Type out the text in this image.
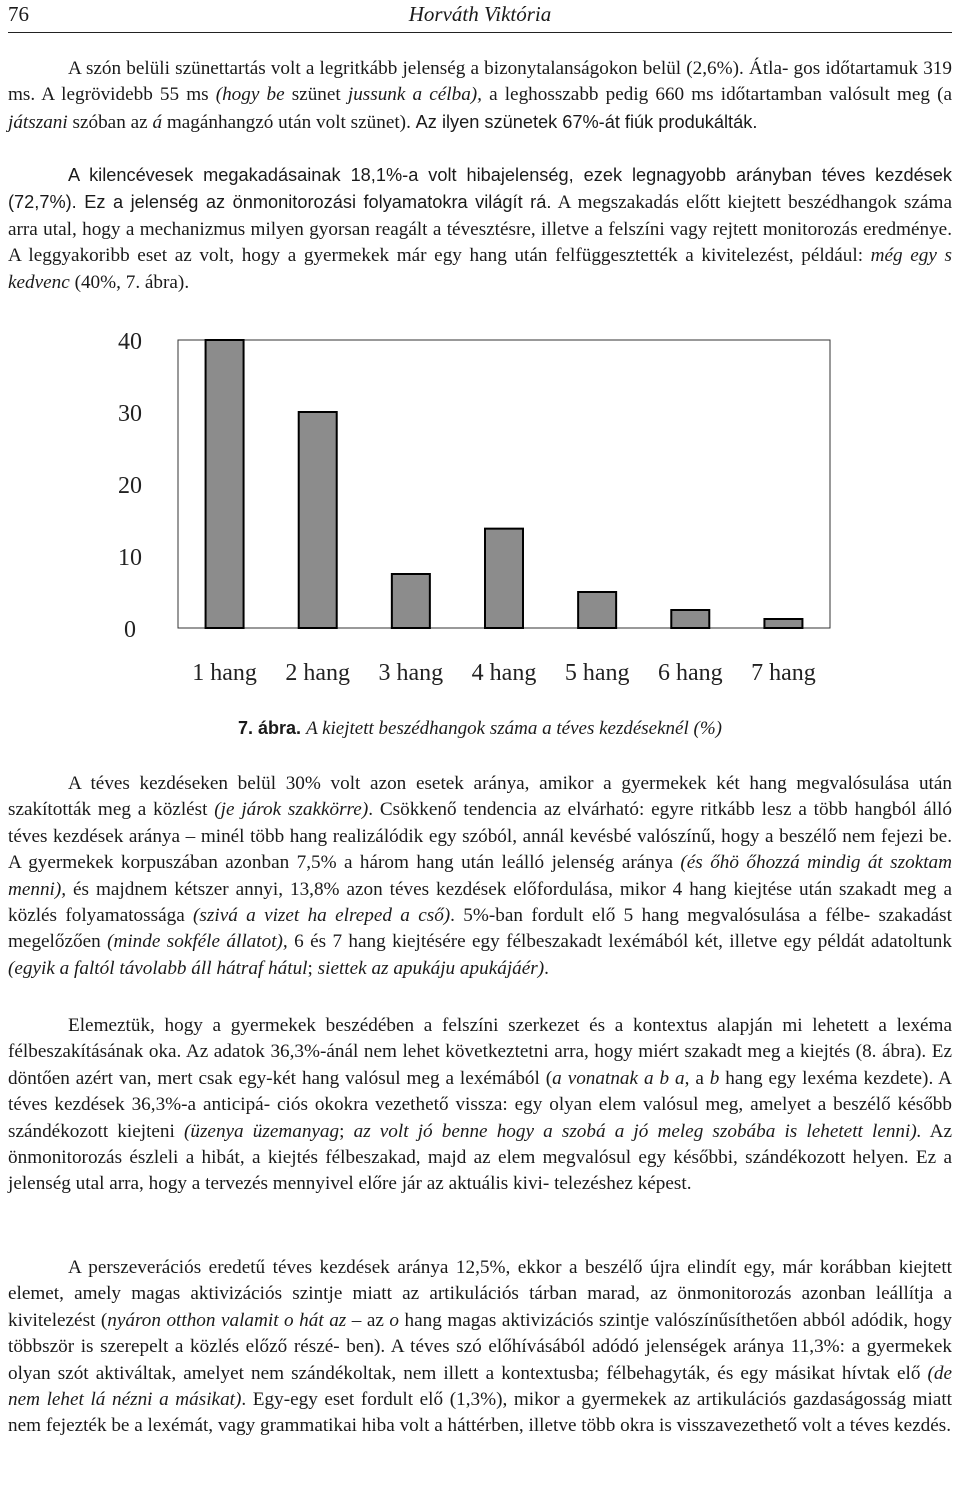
76	Horváth Viktória

A szón belüli szünettartás volt a legritkább jelenség a bizonytalanságokon belül (2,6%). Átla- gos időtartamuk 319 ms. A legrövidebb 55 ms (hogy be szünet jussunk a célba), a leghosszabb pedig 660 ms időtartamban valósult meg (a játszani szóban az á magánhangzó után volt szünet). Az ilyen szünetek 67%-át fiúk produkálták.

A kilencévesek megakadásainak 18,1%-a volt hibajelenség, ezek legnagyobb arányban téves kezdések (72,7%). Ez a jelenség az önmonitorozási folyamatokra világít rá. A megszakadás előtt kiejtett beszédhangok száma arra utal, hogy a mechanizmus milyen gyorsan reagált a tévesztésre, illetve a felszíni vagy rejtett monitorozás eredménye. A leggyakoribb eset az volt, hogy a gyermekek már egy hang után felfüggesztették a kivitelezést, például: még egy s kedvenc (40%, 7. ábra).

0
10
20
30
40
1 hang 2 hang 3 hang 4 hang 5 hang 6 hang 7 hang
7. ábra. A kiejtett beszédhangok száma a téves kezdéseknél (%)

A téves kezdéseken belül 30% volt azon esetek aránya, amikor a gyermekek két hang megvalósulása után szakították meg a közlést (je járok szakkörre). Csökkenő tendencia az elvárható: egyre ritkább lesz a több hangból álló téves kezdések aránya – minél több hang realizálódik egy szóból, annál kevésbé valószínű, hogy a beszélő nem fejezi be. A gyermekek korpuszában azonban 7,5% a három hang után leálló jelenség aránya (és őhö őhozzá mindig át szoktam menni), és majdnem kétszer annyi, 13,8% azon téves kezdések előfordulása, mikor 4 hang kiejtése után szakadt meg a közlés folyamatossága (szivá a vizet ha elreped a cső). 5%-ban fordult elő 5 hang megvalósulása a félbe- szakadást megelőzően (minde sokféle állatot), 6 és 7 hang kiejtésére egy félbeszakadt lexémából két, illetve egy példát adatoltunk (egyik a faltól távolabb áll hátraf hátul; siettek az apukáju apukájáér).

Elemeztük, hogy a gyermekek beszédében a felszíni szerkezet és a kontextus alapján mi lehetett a lexéma félbeszakításának oka. Az adatok 36,3%-ánál nem lehet következtetni arra, hogy miért szakadt meg a kiejtés (8. ábra). Ez döntően azért van, mert csak egy-két hang valósul meg a lexémából (a vonatnak a b a, a b hang egy lexéma kezdete). A téves kezdések 36,3%-a anticipá- ciós okokra vezethető vissza: egy olyan elem valósul meg, amelyet a beszélő később szándékozott kiejteni (üzenya üzemanyag; az volt jó benne hogy a szobá a jó meleg szobába is lehetett lenni). Az önmonitorozás észleli a hibát, a kiejtés félbeszakad, majd az elem megvalósul egy későbbi, szándékozott helyen. Ez a jelenség utal arra, hogy a tervezés mennyivel előre jár az aktuális kivi- telezéshez képest.

A perszeverációs eredetű téves kezdések aránya 12,5%, ekkor a beszélő újra elindít egy, már korábban kiejtett elemet, amely magas aktivizációs szintje miatt az artikulációs tárban marad, az önmonitorozás azonban leállítja a kivitelezést (nyáron otthon valamit o hát az – az o hang magas aktivizációs szintje valószínűsíthetően abból adódik, hogy többször is szerepelt a közlés előző részé- ben). A téves szó előhívásából adódó jelenségek aránya 11,3%: a gyermekek olyan szót aktiváltak, amelyet nem szándékoltak, nem illett a kontextusba; félbehagyták, és egy másikat hívtak elő (de nem lehet lá nézni a másikat). Egy-egy eset fordult elő (1,3%), mikor a gyermekek az artikulációs gazdaságosság miatt nem fejezték be a lexémát, vagy grammatikai hiba volt a háttérben, illetve több okra is visszavezethető volt a téves kezdés.
